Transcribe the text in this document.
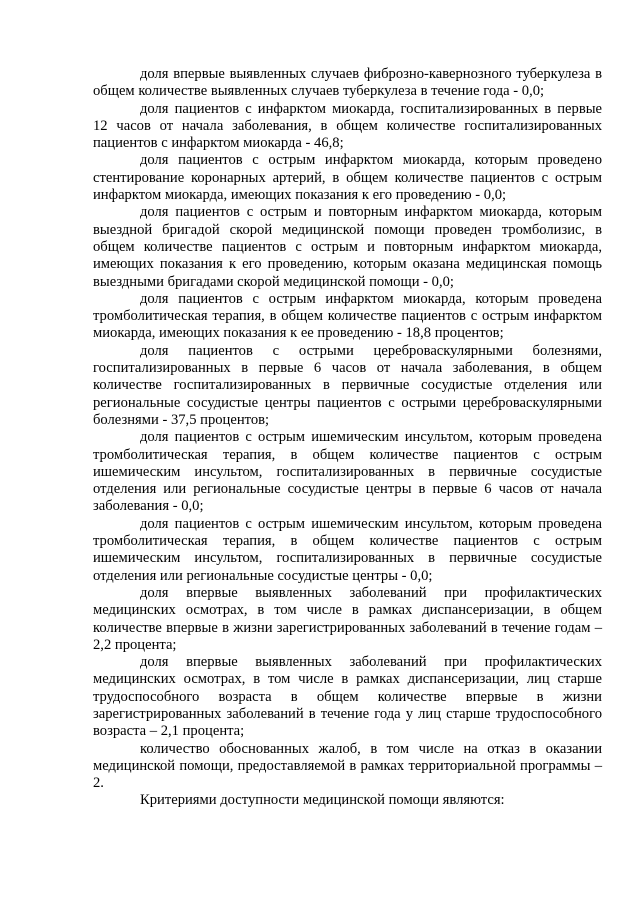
доля впервые выявленных случаев фиброзно-кавернозного туберкулеза в общем количестве выявленных случаев туберкулеза в течение года - 0,0;

доля пациентов с инфарктом миокарда, госпитализированных в первые 12 часов от начала заболевания, в общем количестве госпитализированных пациентов с инфарктом миокарда - 46,8;

доля пациентов с острым инфарктом миокарда, которым проведено стентирование коронарных артерий, в общем количестве пациентов с острым инфарктом миокарда, имеющих показания к его проведению - 0,0;

доля пациентов с острым и повторным инфарктом миокарда, которым выездной бригадой скорой медицинской помощи проведен тромболизис, в общем количестве пациентов с острым и повторным инфарктом миокарда, имеющих показания к его проведению, которым оказана медицинская помощь выездными бригадами скорой медицинской помощи - 0,0;

доля пациентов с острым инфарктом миокарда, которым проведена тромболитическая терапия, в общем количестве пациентов с острым инфарктом миокарда, имеющих показания к ее проведению - 18,8 процентов;

доля пациентов с острыми цереброваскулярными болезнями, госпитализированных в первые 6 часов от начала заболевания, в общем количестве госпитализированных в первичные сосудистые отделения или региональные сосудистые центры пациентов с острыми цереброваскулярными болезнями - 37,5 процентов;

доля пациентов с острым ишемическим инсультом, которым проведена тромболитическая терапия, в общем количестве пациентов с острым ишемическим инсультом, госпитализированных в первичные сосудистые отделения или региональные сосудистые центры в первые 6 часов от начала заболевания - 0,0;

доля пациентов с острым ишемическим инсультом, которым проведена тромболитическая терапия, в общем количестве пациентов с острым ишемическим инсультом, госпитализированных в первичные сосудистые отделения или региональные сосудистые центры - 0,0;

доля впервые выявленных заболеваний при профилактических медицинских осмотрах, в том числе в рамках диспансеризации, в общем количестве впервые в жизни зарегистрированных заболеваний в течение годам – 2,2 процента;

доля впервые выявленных заболеваний при профилактических медицинских осмотрах, в том числе в рамках диспансеризации, лиц старше трудоспособного возраста в общем количестве впервые в жизни зарегистрированных заболеваний в течение года у лиц старше трудоспособного возраста – 2,1 процента;

количество обоснованных жалоб, в том числе на отказ в оказании медицинской помощи, предоставляемой в рамках территориальной программы – 2.

Критериями доступности медицинской помощи являются:
